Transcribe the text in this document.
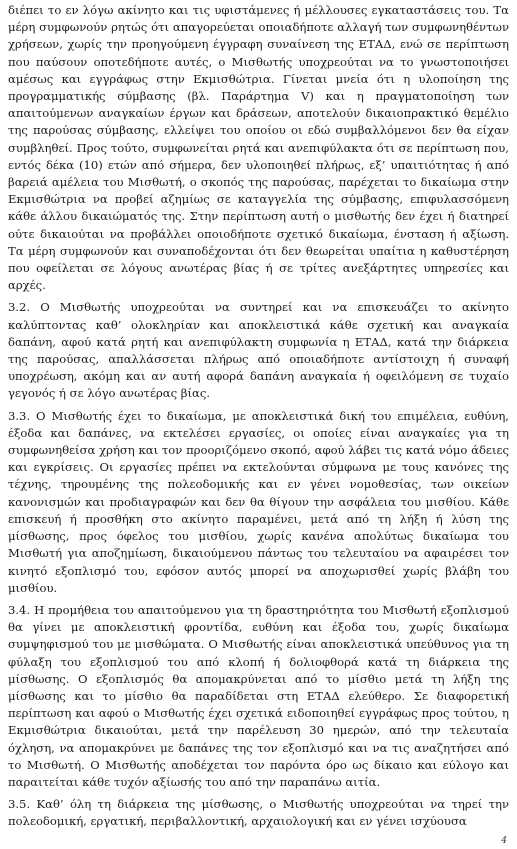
διέπει το εν λόγω ακίνητο και τις υφιστάμενες ή μέλλουσες εγκαταστάσεις του. Τα μέρη συμφωνούν ρητώς ότι απαγορεύεται οποιαδήποτε αλλαγή των συμφωνηθέντων χρήσεων, χωρίς την προηγούμενη έγγραφη συναίνεση της ΕΤΑΔ, ενώ σε περίπτωση που παύσουν οποτεδήποτε αυτές, ο Μισθωτής υποχρεούται να το γνωστοποιήσει αμέσως και εγγράφως στην Εκμισθώτρια. Γίνεται μνεία ότι η υλοποίηση της προγραμματικής σύμβασης (βλ. Παράρτημα V) και η πραγματοποίηση των απαιτούμενων αναγκαίων έργων και δράσεων, αποτελούν δικαιοπρακτικό θεμέλιο της παρούσας σύμβασης, ελλείψει του οποίου οι εδώ συμβαλλόμενοι δεν θα είχαν συμβληθεί. Προς τούτο, συμφωνείται ρητά και ανεπιφύλακτα ότι σε περίπτωση που, εντός δέκα (10) ετών από σήμερα, δεν υλοποιηθεί πλήρως, εξ’ υπαιτιότητας ή από βαρειά αμέλεια του Μισθωτή, ο σκοπός της παρούσας, παρέχεται το δικαίωμα στην Εκμισθώτρια να προβεί αζημίως σε καταγγελία της σύμβασης, επιφυλασσόμενη κάθε άλλου δικαιώματός της. Στην περίπτωση αυτή ο μισθωτής δεν έχει ή διατηρεί ούτε δικαιούται να προβάλλει οποιοδήποτε σχετικό δικαίωμα, ένσταση ή αξίωση. Τα μέρη συμφωνούν και συναποδέχονται ότι δεν θεωρείται υπαίτια η καθυστέρηση που οφείλεται σε λόγους ανωτέρας βίας ή σε τρίτες ανεξάρτητες υπηρεσίες και αρχές.

3.2. Ο Μισθωτής υποχρεούται να συντηρεί και να επισκευάζει το ακίνητο καλύπτοντας καθ’ ολοκληρίαν και αποκλειστικά κάθε σχετική και αναγκαία δαπάνη, αφού κατά ρητή και ανεπιφύλακτη συμφωνία η ΕΤΑΔ, κατά την διάρκεια της παρούσας, απαλλάσσεται πλήρως από οποιαδήποτε αντίστοιχη ή συναφή υποχρέωση, ακόμη και αν αυτή αφορά δαπάνη αναγκαία ή οφειλόμενη σε τυχαίο γεγονός ή σε λόγο ανωτέρας βίας.

3.3. Ο Μισθωτής έχει το δικαίωμα, με αποκλειστικά δική του επιμέλεια, ευθύνη, έξοδα και δαπάνες, να εκτελέσει εργασίες, οι οποίες είναι αναγκαίες για τη συμφωνηθείσα χρήση και τον προοριζόμενο σκοπό, αφού λάβει τις κατά νόμο άδειες και εγκρίσεις. Οι εργασίες πρέπει να εκτελούνται σύμφωνα με τους κανόνες της τέχνης, τηρουμένης της πολεοδομικής και εν γένει νομοθεσίας, των οικείων κανονισμών και προδιαγραφών και δεν θα θίγουν την ασφάλεια του μισθίου. Κάθε επισκευή ή προσθήκη στο ακίνητο παραμένει, μετά από τη λήξη ή λύση της μίσθωσης, προς όφελος του μισθίου, χωρίς κανένα απολύτως δικαίωμα του Μισθωτή για αποζημίωση, δικαιούμενου πάντως του τελευταίου να αφαιρέσει τον κινητό εξοπλισμό του, εφόσον αυτός μπορεί να αποχωρισθεί χωρίς βλάβη του μισθίου.

3.4. Η προμήθεια του απαιτούμενου για τη δραστηριότητα του Μισθωτή εξοπλισμού θα γίνει με αποκλειστική φροντίδα, ευθύνη και έξοδα του, χωρίς δικαίωμα συμψηφισμού του με μισθώματα. Ο Μισθωτής είναι αποκλειστικά υπεύθυνος για τη φύλαξη του εξοπλισμού του από κλοπή ή δολιοφθορά κατά τη διάρκεια της μίσθωσης. Ο εξοπλισμός θα απομακρύνεται από το μίσθιο μετά τη λήξη της μίσθωσης και το μίσθιο θα παραδίδεται στη ΕΤΑΔ ελεύθερο. Σε διαφορετική περίπτωση και αφού ο Μισθωτής έχει σχετικά ειδοποιηθεί εγγράφως προς τούτου, η Εκμισθώτρια δικαιούται, μετά την παρέλευση 30 ημερών, από την τελευταία όχληση, να απομακρύνει με δαπάνες της τον εξοπλισμό και να τις αναζητήσει από το Μισθωτή. Ο Μισθωτής αποδέχεται τον παρόντα όρο ως δίκαιο και εύλογο και παραιτείται κάθε τυχόν αξίωσής του από την παραπάνω αιτία.

3.5. Καθ’ όλη τη διάρκεια της μίσθωσης, ο Μισθωτής υποχρεούται να τηρεί την πολεοδομική, εργατική, περιβαλλοντική, αρχαιολογική και εν γένει ισχύουσα

4
